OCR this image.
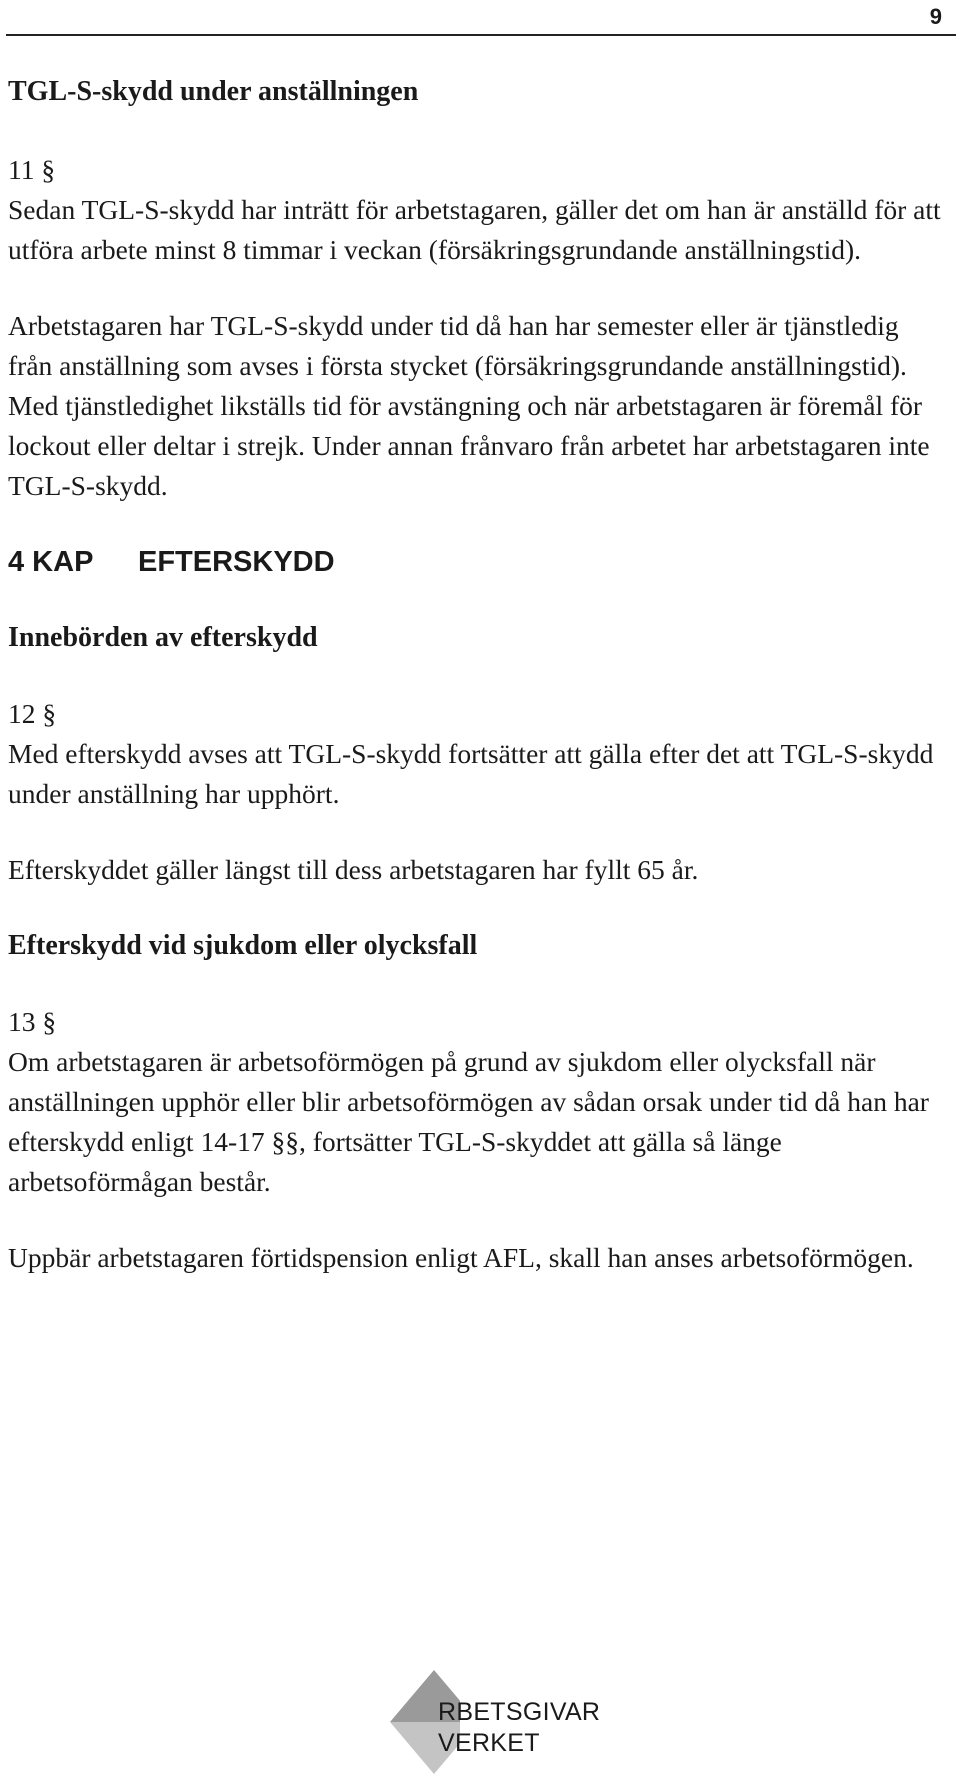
9
TGL-S-skydd under anställningen

11 §

Sedan TGL-S-skydd har inträtt för arbetstagaren, gäller det om han är anställd för att utföra arbete minst 8 timmar i veckan (försäkringsgrundande anställningstid).

Arbetstagaren har TGL-S-skydd under tid då han har semester eller är tjänstledig från anställning som avses i första stycket (försäkringsgrundande anställningstid). Med tjänstledighet likställs tid för avstängning och när arbetstagaren är föremål för lockout eller deltar i strejk. Under annan frånvaro från arbetet har arbetstagaren inte TGL-S-skydd.

4 KAP	EFTERSKYDD
Innebörden av efterskydd

12 §

Med efterskydd avses att TGL-S-skydd fortsätter att gälla efter det att TGL-S-skydd under anställning har upphört.

Efterskyddet gäller längst till dess arbetstagaren har fyllt 65 år.

Efterskydd vid sjukdom eller olycksfall

13 §

Om arbetstagaren är arbetsoförmögen på grund av sjukdom eller olycksfall när anställningen upphör eller blir arbetsoförmögen av sådan orsak under tid då han har efterskydd enligt 14-17 §§, fortsätter TGL-S-skyddet att gälla så länge arbetsoförmågan består.

Uppbär arbetstagaren förtidspension enligt AFL, skall han anses arbetsoförmögen.

RBETSGIVAR
VERKET
